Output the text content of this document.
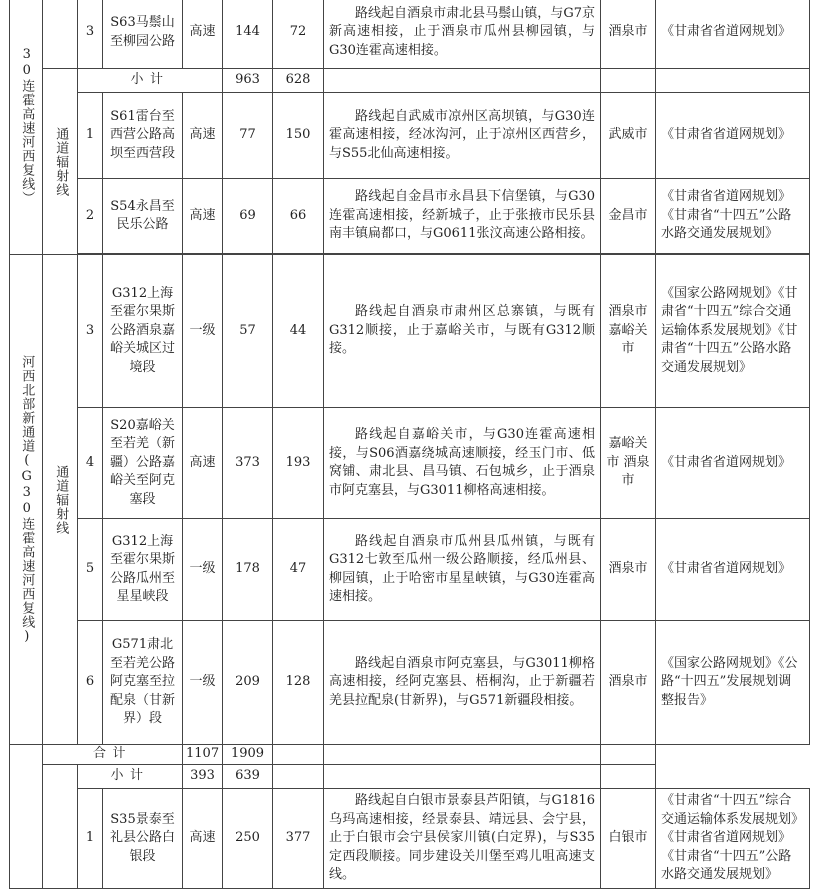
30连霍高速河西复线）		3	S63马鬃山至柳园公路	高速	144	72	路线起自酒泉市肃北县马鬃山镇，与G7京新高速相接，止于酒泉市瓜州县柳园镇，与G30连霍高速相接。	酒泉市	《甘肃省省道网规划》
	通道辐射线	小计			963	628			
		1	S61雷台至西营公路高坝至西营段	高速	77	150	路线起自武威市凉州区高坝镇，与G30连霍高速相接，经冰沟河，止于凉州区西营乡，与S55北仙高速相接。	武威市	《甘肃省省道网规划》
		2	S54永昌至民乐公路	高速	69	66	路线起自金昌市永昌县下信堡镇，与G30连霍高速相接，经新城子，止于张掖市民乐县南丰镇扁都口，与G0611张汶高速公路相接。	金昌市	《甘肃省省道网规划》《甘肃省“十四五”公路水路交通发展规划》

河西北部新通道(G30连霍高速河西复线)	通道辐射线	3	G312上海至霍尔果斯公路酒泉嘉峪关城区过境段	一级	57	44	路线起自酒泉市肃州区总寨镇，与既有G312顺接，止于嘉峪关市，与既有G312顺接。	酒泉市 嘉峪关市	《国家公路网规划》《甘肃省“十四五”综合交通运输体系发展规划》《甘肃省“十四五”公路水路交通发展规划》
		4	S20嘉峪关至若羌（新疆）公路嘉峪关至阿克塞段	高速	373	193	路线起自嘉峪关市，与G30连霍高速相接，与S06酒嘉绕城高速顺接，经玉门市、低窝铺、肃北县、昌马镇、石包城乡，止于酒泉市阿克塞县，与G3011柳格高速相接。	嘉峪关市 酒泉市	《甘肃省省道网规划》
		5	G312上海至霍尔果斯公路瓜州至星星峡段	一级	178	47	路线起自酒泉市瓜州县瓜州镇，与既有G312七敦至瓜州一级公路顺接，经瓜州县、柳园镇，止于哈密市星星峡镇，与G30连霍高速相接。	酒泉市	《甘肃省省道网规划》
		6	G571肃北至若羌公路阿克塞至拉配泉（甘新界）段	一级	209	128	路线起自酒泉市阿克塞县，与G3011柳格高速相接，经阿克塞县、梧桐沟，止于新疆若羌县拉配泉(甘新界)，与G571新疆段相接。	酒泉市	《国家公路网规划》《公路“十四五”发展规划调整报告》
	合计			1107	1909				
		小计		393	639				
		1	S35景泰至礼县公路白银段	高速	250	377	路线起自白银市景泰县芦阳镇，与G1816乌玛高速相接，经景泰县、靖远县、会宁县，止于白银市会宁县侯家川镇(白定界)，与S35定西段顺接。同步建设关川堡至鸡儿咀高速支线。	白银市	《甘肃省“十四五”综合交通运输体系发展规划》《甘肃省省道网规划》《甘肃省“十四五”公路水路交通发展规划》
